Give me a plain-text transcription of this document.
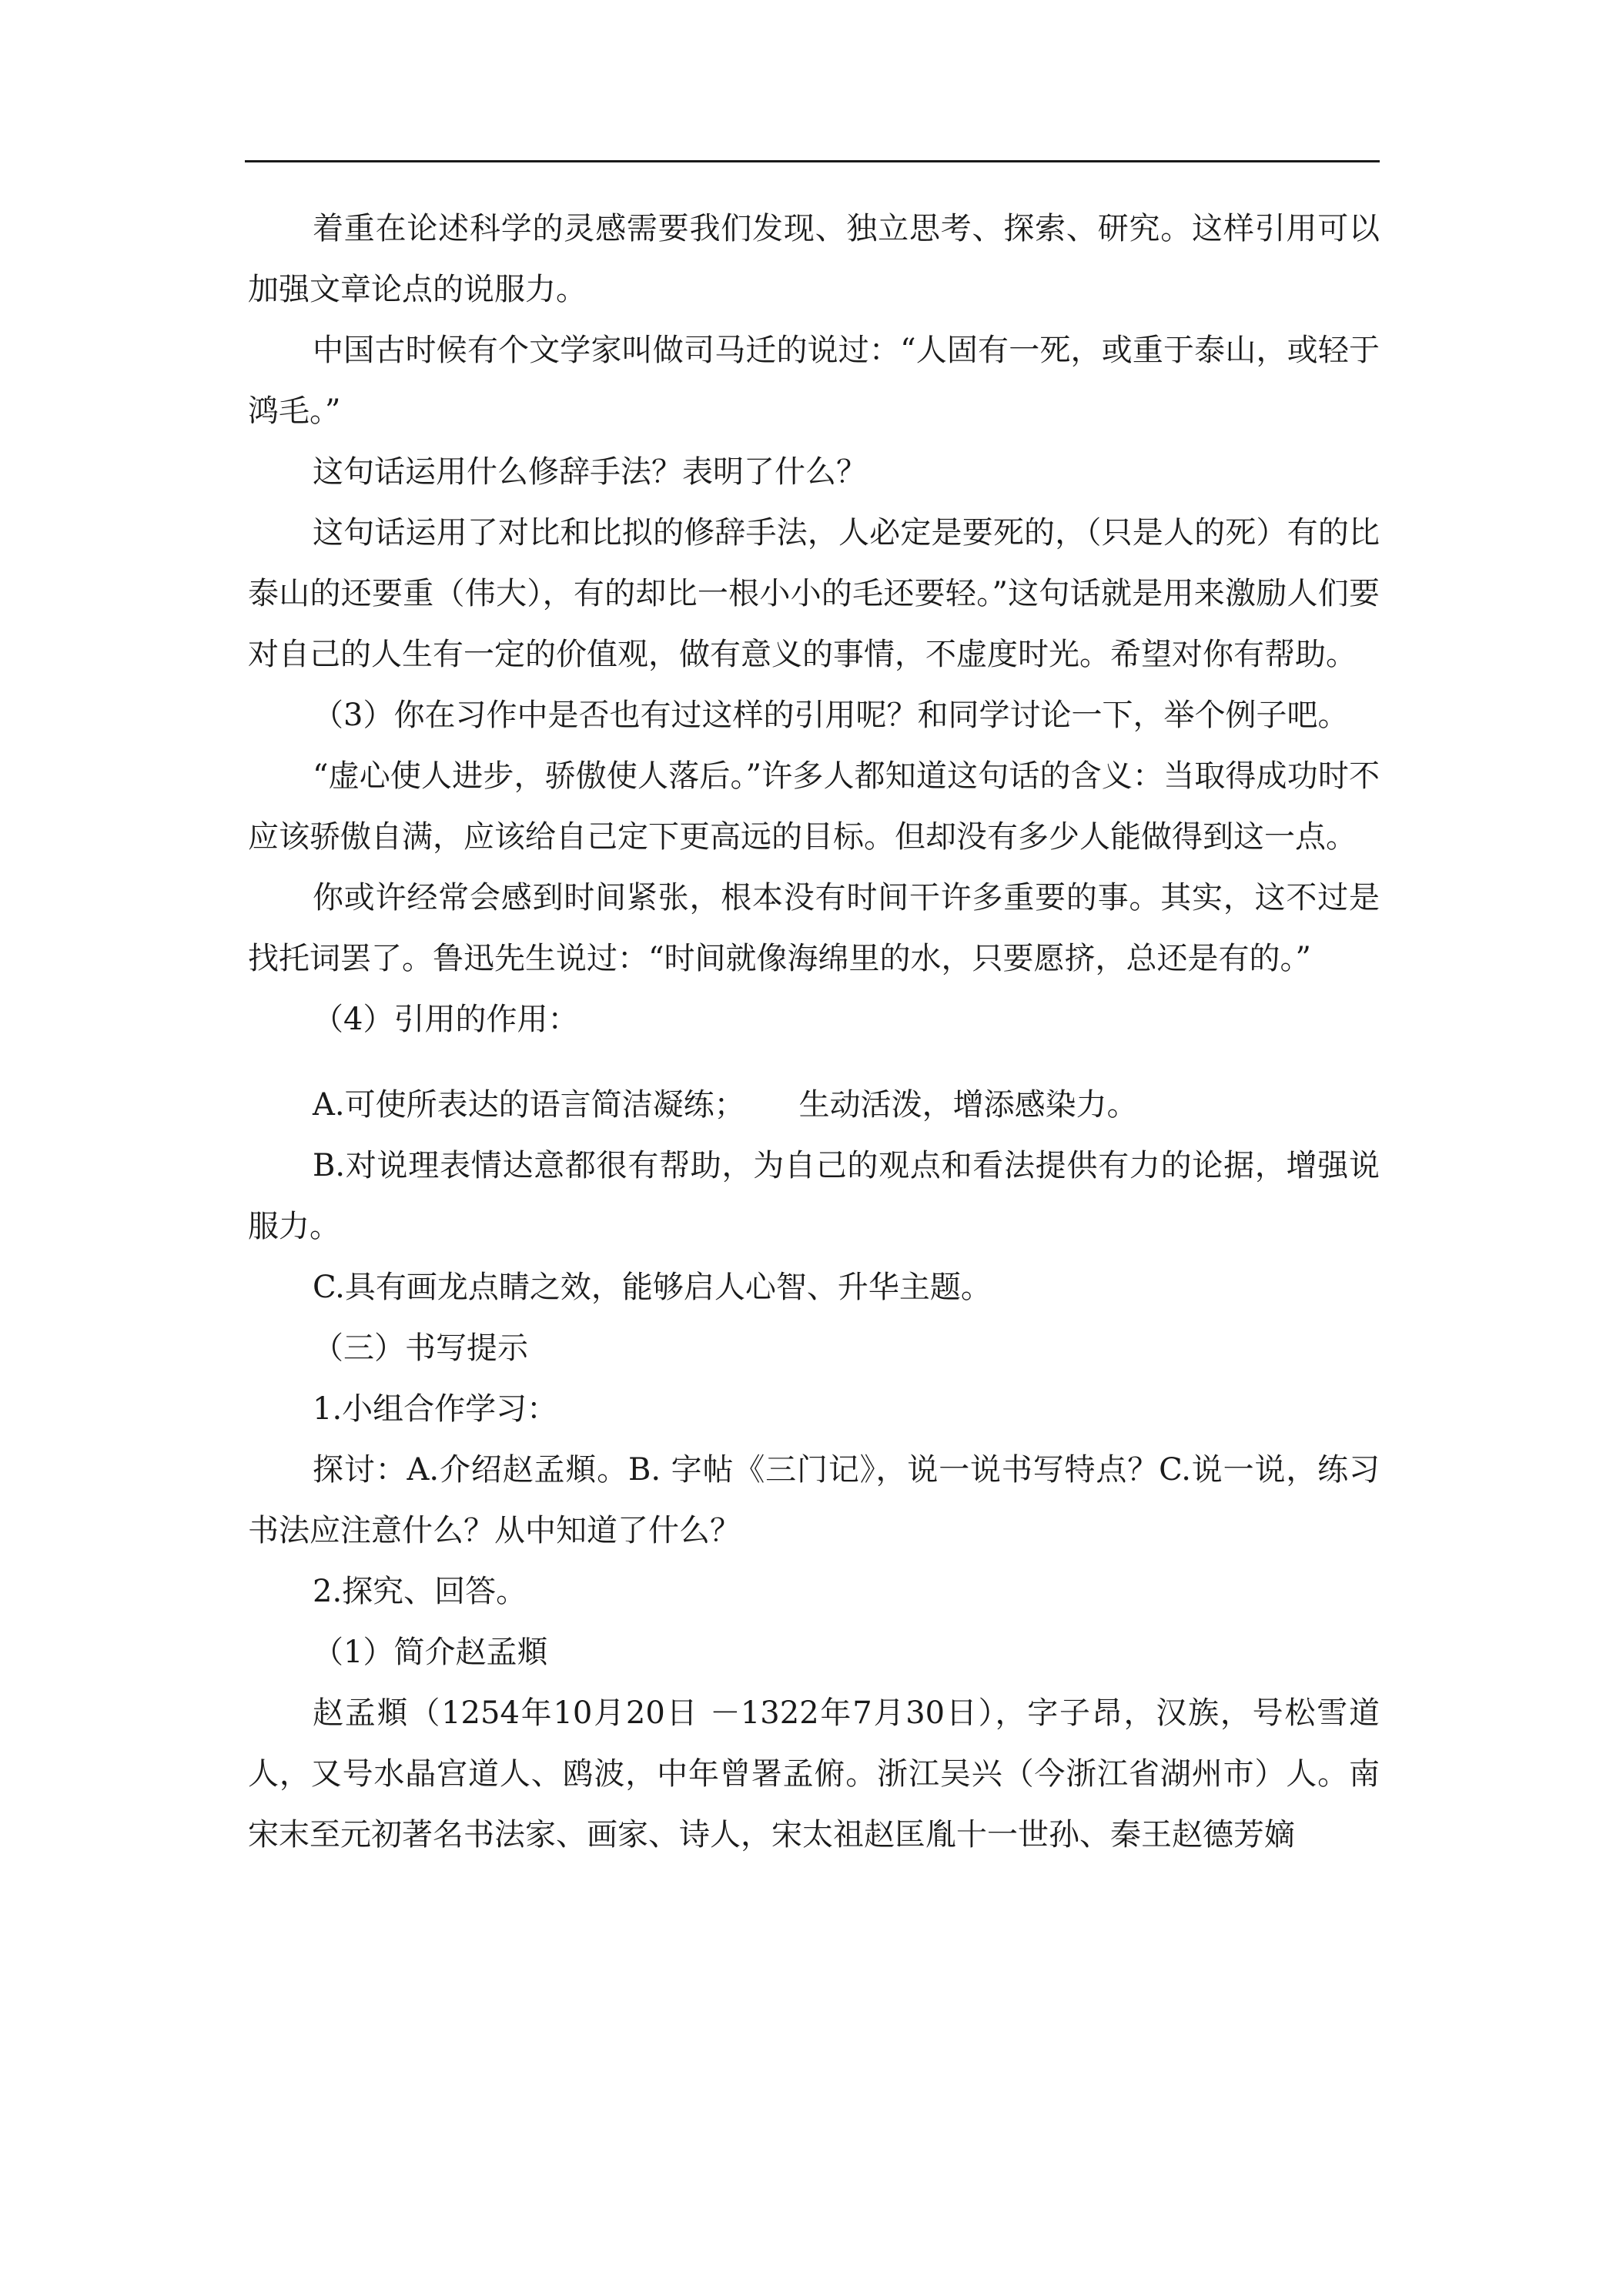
着重在论述科学的灵感需要我们发现、独立思考、探索、研究。这样引用可以加强文章论点的说服力。

中国古时候有个文学家叫做司马迁的说过：“人固有一死，或重于泰山，或轻于鸿毛。”

这句话运用什么修辞手法？表明了什么？

这句话运用了对比和比拟的修辞手法，人必定是要死的，（只是人的死）有的比泰山的还要重（伟大），有的却比一根小小的毛还要轻。”这句话就是用来激励人们要对自己的人生有一定的价值观，做有意义的事情，不虚度时光。希望对你有帮助。

（3）你在习作中是否也有过这样的引用呢？和同学讨论一下，举个例子吧。

“虚心使人进步，骄傲使人落后。”许多人都知道这句话的含义：当取得成功时不应该骄傲自满，应该给自己定下更高远的目标。但却没有多少人能做得到这一点。

你或许经常会感到时间紧张，根本没有时间干许多重要的事。其实，这不过是找托词罢了。鲁迅先生说过：“时间就像海绵里的水，只要愿挤，总还是有的。”

（4）引用的作用：

A.可使所表达的语言简洁凝练； 生动活泼，增添感染力。

B.对说理表情达意都很有帮助，为自己的观点和看法提供有力的论据，增强说服力。

C.具有画龙点睛之效，能够启人心智、升华主题。

（三）书写提示

1.小组合作学习：

探讨：A.介绍赵孟頫。B. 字帖《三门记》，说一说书写特点？C.说一说，练习书法应注意什么？从中知道了什么？

2.探究、回答。

（1）简介赵孟頫

赵孟頫（1254年10月20日 －1322年7月30日），字子昂，汉族，号松雪道人，又号水晶宫道人、鸥波，中年曾署孟俯。浙江吴兴（今浙江省湖州市）人。南宋末至元初著名书法家、画家、诗人，宋太祖赵匡胤十一世孙、秦王赵德芳嫡
